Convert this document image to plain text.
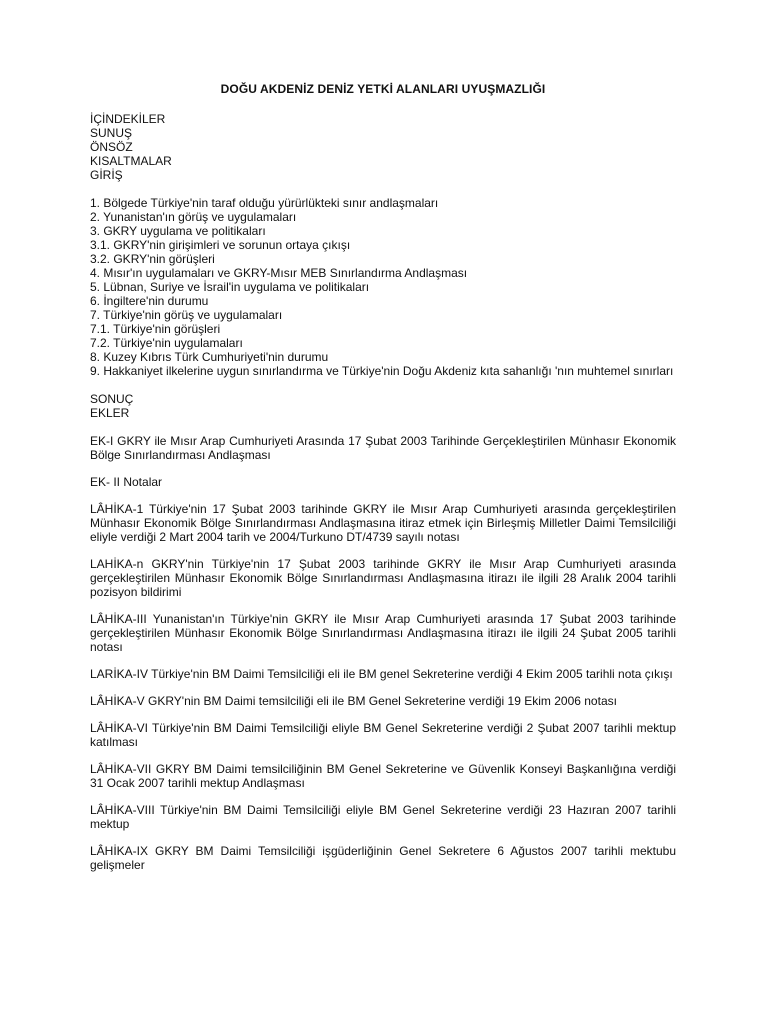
DOĞU AKDENİZ DENİZ YETKİ ALANLARI UYUŞMAZLIĞI
İÇİNDEKİLER
SUNUŞ
ÖNSÖZ
KISALTMALAR
GİRİŞ
1. Bölgede Türkiye'nin taraf olduğu yürürlükteki sınır andlaşmaları
2. Yunanistan'ın görüş ve uygulamaları
3. GKRY uygulama ve politikaları
3.1. GKRY'nin girişimleri ve sorunun ortaya çıkışı
3.2. GKRY'nin görüşleri
4. Mısır'ın uygulamaları ve GKRY-Mısır MEB Sınırlandırma Andlaşması
5. Lübnan, Suriye ve İsrail'in uygulama ve politikaları
6. İngiltere'nin durumu
7. Türkiye'nin görüş ve uygulamaları
7.1. Türkiye'nin görüşleri
7.2. Türkiye'nin uygulamaları
8. Kuzey Kıbrıs Türk Cumhuriyeti'nin durumu

9. Hakkaniyet ilkelerine uygun sınırlandırma ve Türkiye'nin Doğu Akdeniz kıta sahanlığı 'nın muhtemel sınırları

SONUÇ
EKLER

EK-I GKRY ile Mısır Arap Cumhuriyeti Arasında 17 Şubat 2003 Tarihinde Gerçekleştirilen Münhasır Ekonomik Bölge Sınırlandırması Andlaşması

EK- II Notalar

LÂHİKA-1 Türkiye'nin 17 Şubat 2003 tarihinde GKRY ile Mısır Arap Cumhuriyeti arasında gerçekleştirilen Münhasır Ekonomik Bölge Sınırlandırması Andlaşmasına itiraz etmek için Birleşmiş Milletler Daimi Temsilciliği eliyle verdiği 2 Mart 2004 tarih ve 2004/Turkuno DT/4739 sayılı notası

LAHİKA-n GKRY'nin Türkiye'nin 17 Şubat 2003 tarihinde GKRY ile Mısır Arap Cumhuriyeti arasında gerçekleştirilen Münhasır Ekonomik Bölge Sınırlandırması Andlaşmasına itirazı ile ilgili 28 Aralık 2004 tarihli pozisyon bildirimi

LÂHİKA-III Yunanistan'ın Türkiye'nin GKRY ile Mısır Arap Cumhuriyeti arasında 17 Şubat 2003 tarihinde gerçekleştirilen Münhasır Ekonomik Bölge Sınırlandırması Andlaşmasına itirazı ile ilgili 24 Şubat 2005 tarihli notası

LARİKA-IV Türkiye'nin BM Daimi Temsilciliği eli ile BM genel Sekreterine verdiği 4 Ekim 2005 tarihli nota çıkışı

LÂHİKA-V GKRY'nin BM Daimi temsilciliği eli ile BM Genel Sekreterine verdiği 19 Ekim 2006 notası

LÂHİKA-VI Türkiye'nin BM Daimi Temsilciliği eliyle BM Genel Sekreterine verdiği 2 Şubat 2007 tarihli mektup katılması

LÂHİKA-VII GKRY BM Daimi temsilciliğinin BM Genel Sekreterine ve Güvenlik Konseyi Başkanlığına verdiği 31 Ocak 2007 tarihli mektup Andlaşması

LÂHİKA-VIII Türkiye'nin BM Daimi Temsilciliği eliyle BM Genel Sekreterine verdiği 23 Hazıran 2007 tarihli mektup

LÂHİKA-IX GKRY BM Daimi Temsilciliği işgüderliğinin Genel Sekretere 6 Ağustos 2007 tarihli mektubu gelişmeler
